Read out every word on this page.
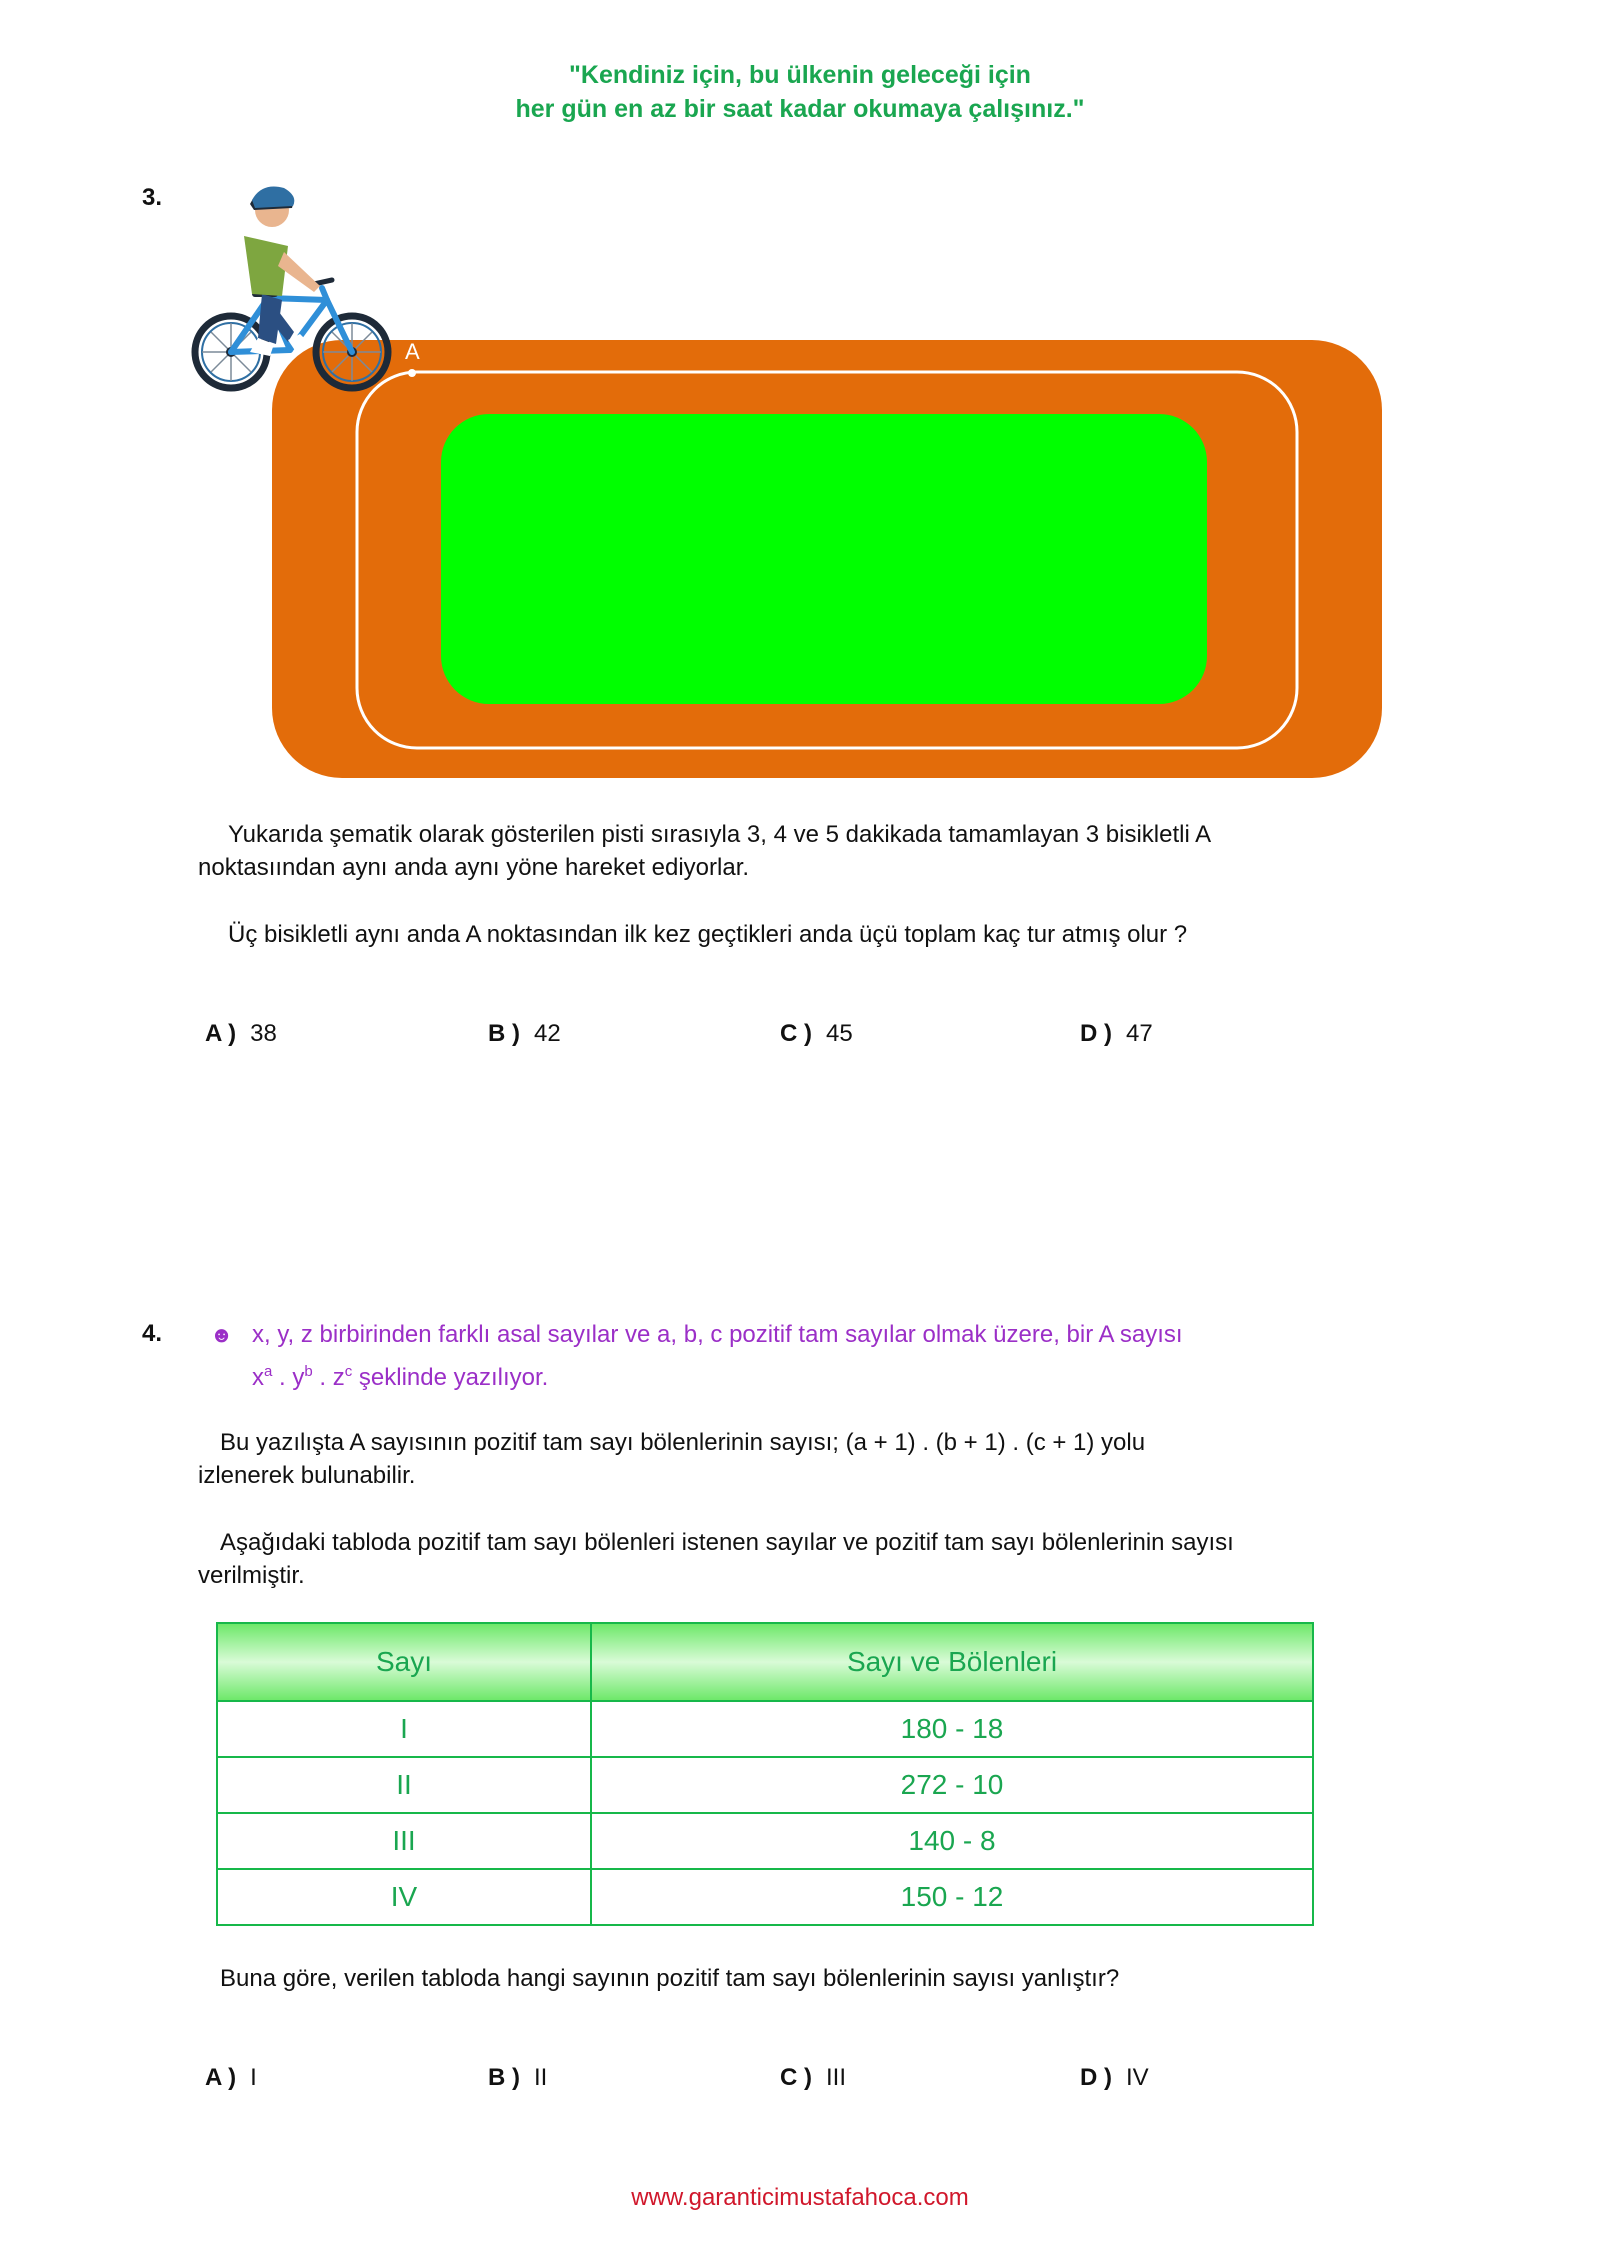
"Kendiniz için, bu ülkenin geleceği için
her gün en az bir saat kadar okumaya çalışınız."
3.
A
Yukarıda şematik olarak gösterilen pisti sırasıyla 3, 4 ve 5 dakikada tamamlayan 3 bisikletli A
noktasıından aynı anda aynı yöne hareket ediyorlar.
Üç bisikletli aynı anda A noktasından ilk kez geçtikleri anda üçü toplam kaç tur atmış olur ?
A ) 38	B ) 42	C ) 45	D ) 47
4. ☻ x, y, z birbirinden farklı asal sayılar ve a, b, c pozitif tam sayılar olmak üzere, bir A sayısı
$x^a$ . $y^b$ . $z^c$ şeklinde yazılıyor.
Bu yazılışta A sayısının pozitif tam sayı bölenlerinin sayısı; (a + 1) . (b + 1) . (c + 1) yolu
izlenerek bulunabilir.
Aşağıdaki tabloda pozitif tam sayı bölenleri istenen sayılar ve pozitif tam sayı bölenlerinin sayısı
verilmiştir.
Sayı	Sayı ve Bölenleri
I	180 - 18
II	272 - 10
III	140 - 8
IV	150 - 12
Buna göre, verilen tabloda hangi sayının pozitif tam sayı bölenlerinin sayısı yanlıştır?
A ) I	B ) II	C ) III	D ) IV
www.garanticimustafahoca.com
